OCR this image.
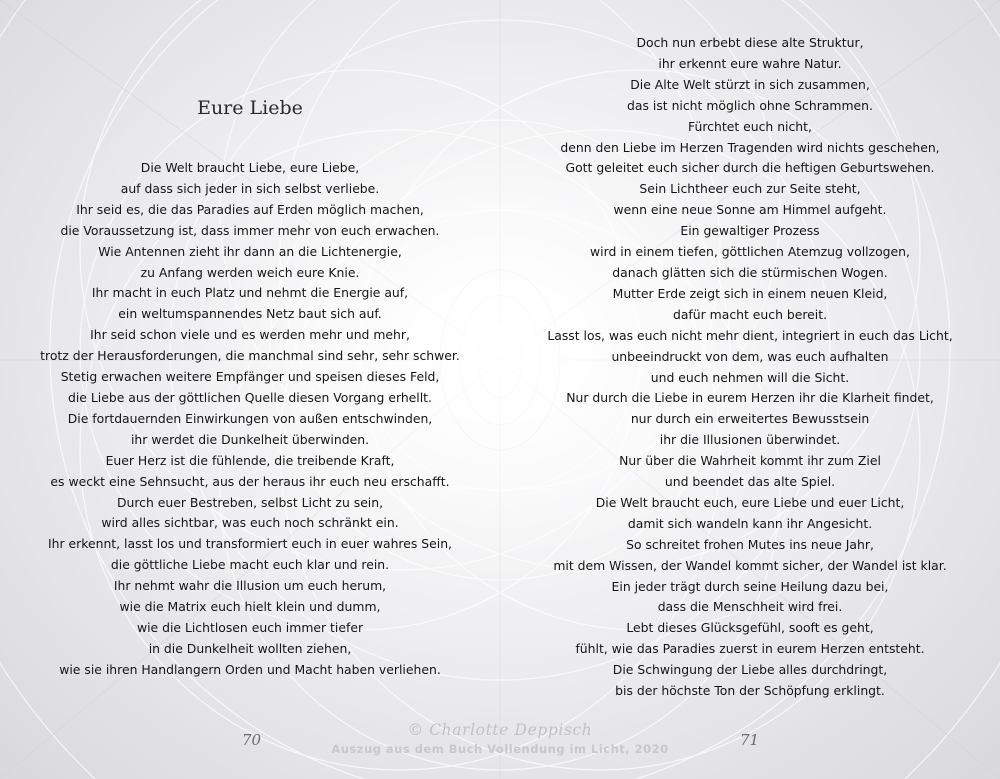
Eure Liebe
Die Welt braucht Liebe, eure Liebe,
auf dass sich jeder in sich selbst verliebe.
Ihr seid es, die das Paradies auf Erden möglich machen,
die Voraussetzung ist, dass immer mehr von euch erwachen.
Wie Antennen zieht ihr dann an die Lichtenergie,
zu Anfang werden weich eure Knie.
Ihr macht in euch Platz und nehmt die Energie auf,
ein weltumspannendes Netz baut sich auf.
Ihr seid schon viele und es werden mehr und mehr,
trotz der Herausforderungen, die manchmal sind sehr, sehr schwer.
Stetig erwachen weitere Empfänger und speisen dieses Feld,
die Liebe aus der göttlichen Quelle diesen Vorgang erhellt.
Die fortdauernden Einwirkungen von außen entschwinden,
ihr werdet die Dunkelheit überwinden.
Euer Herz ist die fühlende, die treibende Kraft,
es weckt eine Sehnsucht, aus der heraus ihr euch neu erschafft.
Durch euer Bestreben, selbst Licht zu sein,
wird alles sichtbar, was euch noch schränkt ein.
Ihr erkennt, lasst los und transformiert euch in euer wahres Sein,
die göttliche Liebe macht euch klar und rein.
Ihr nehmt wahr die Illusion um euch herum,
wie die Matrix euch hielt klein und dumm,
wie die Lichtlosen euch immer tiefer
in die Dunkelheit wollten ziehen,
wie sie ihren Handlangern Orden und Macht haben verliehen.
70
Doch nun erbebt diese alte Struktur,
ihr erkennt eure wahre Natur.
Die Alte Welt stürzt in sich zusammen,
das ist nicht möglich ohne Schrammen.
Fürchtet euch nicht,
denn den Liebe im Herzen Tragenden wird nichts geschehen,
Gott geleitet euch sicher durch die heftigen Geburtswehen.
Sein Lichtheer euch zur Seite steht,
wenn eine neue Sonne am Himmel aufgeht.
Ein gewaltiger Prozess
wird in einem tiefen, göttlichen Atemzug vollzogen,
danach glätten sich die stürmischen Wogen.
Mutter Erde zeigt sich in einem neuen Kleid,
dafür macht euch bereit.
Lasst los, was euch nicht mehr dient, integriert in euch das Licht,
unbeeindruckt von dem, was euch aufhalten
und euch nehmen will die Sicht.
Nur durch die Liebe in eurem Herzen ihr die Klarheit findet,
nur durch ein erweitertes Bewusstsein
ihr die Illusionen überwindet.
Nur über die Wahrheit kommt ihr zum Ziel
und beendet das alte Spiel.
Die Welt braucht euch, eure Liebe und euer Licht,
damit sich wandeln kann ihr Angesicht.
So schreitet frohen Mutes ins neue Jahr,
mit dem Wissen, der Wandel kommt sicher, der Wandel ist klar.
Ein jeder trägt durch seine Heilung dazu bei,
dass die Menschheit wird frei.
Lebt dieses Glücksgefühl, sooft es geht,
fühlt, wie das Paradies zuerst in eurem Herzen entsteht.
Die Schwingung der Liebe alles durchdringt,
bis der höchste Ton der Schöpfung erklingt.
71
© Charlotte Deppisch
Auszug aus dem Buch Vollendung im Licht, 2020
